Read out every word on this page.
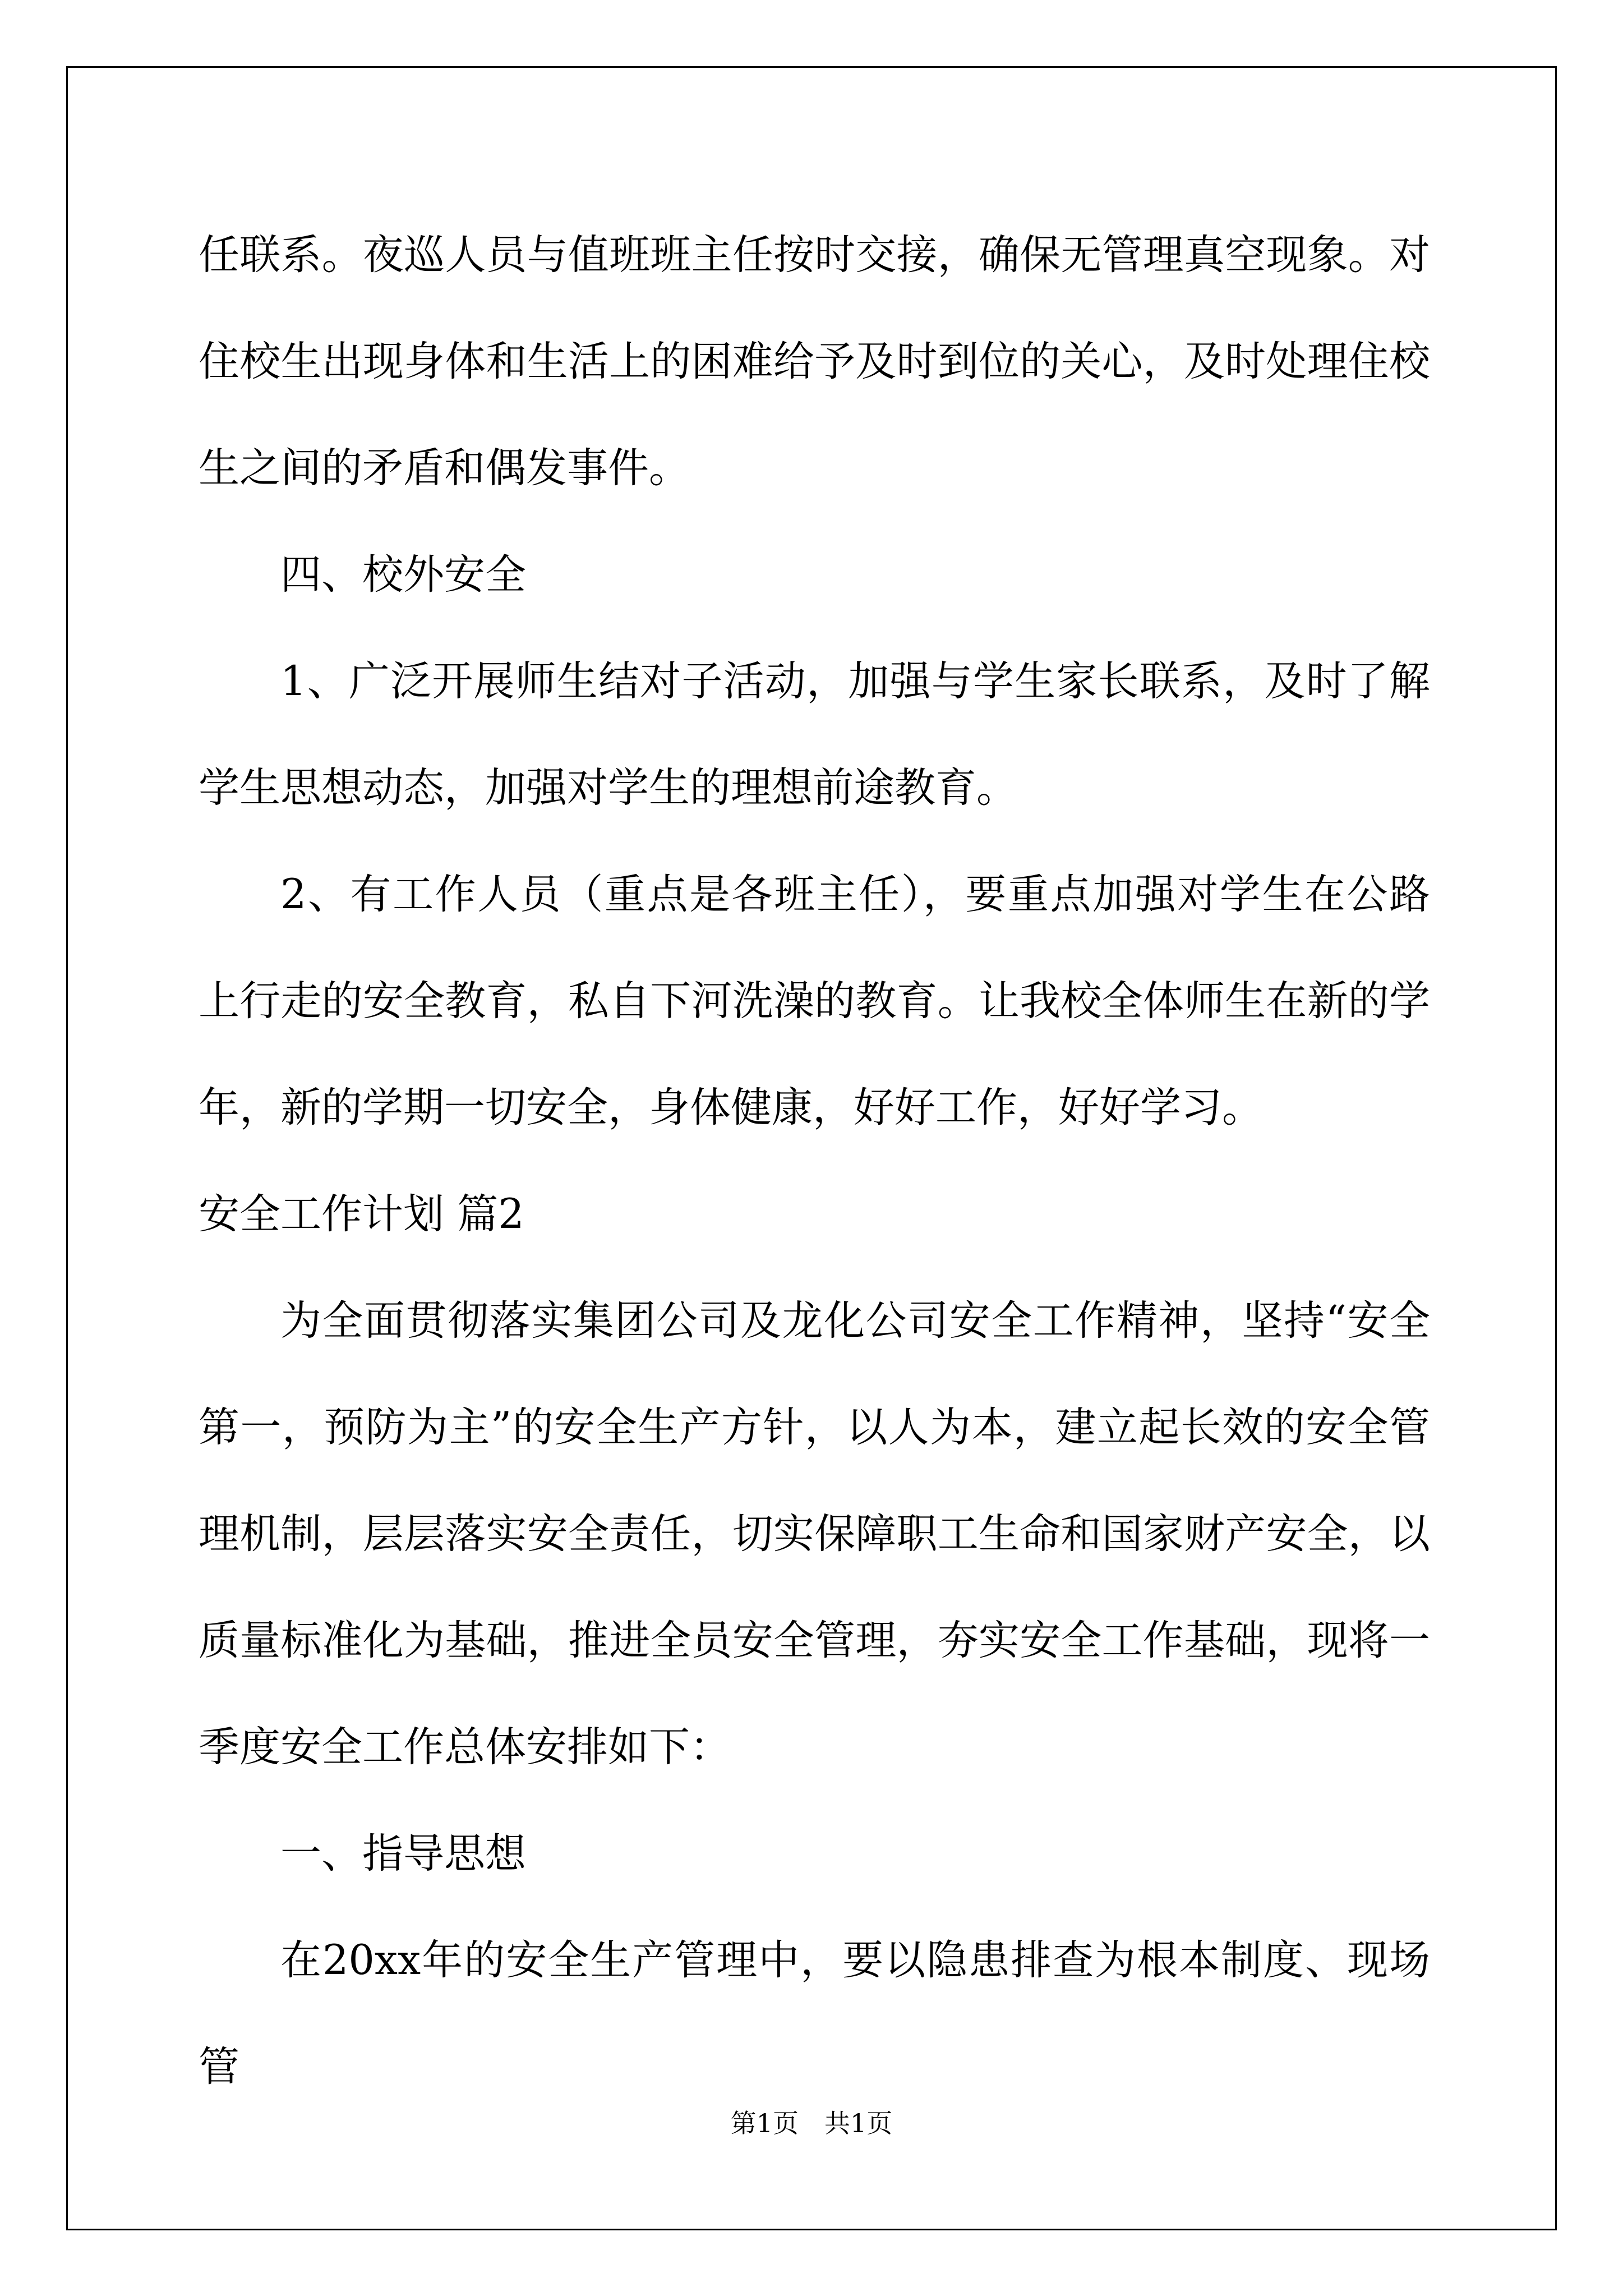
任联系。夜巡人员与值班班主任按时交接，确保无管理真空现象。对住校生出现身体和生活上的困难给予及时到位的关心，及时处理住校生之间的矛盾和偶发事件。

四、校外安全

1、广泛开展师生结对子活动，加强与学生家长联系，及时了解学生思想动态，加强对学生的理想前途教育。

2、有工作人员（重点是各班主任），要重点加强对学生在公路上行走的安全教育，私自下河洗澡的教育。让我校全体师生在新的学年，新的学期一切安全，身体健康，好好工作，好好学习。

安全工作计划 篇2

为全面贯彻落实集团公司及龙化公司安全工作精神，坚持“安全第一，预防为主”的安全生产方针，以人为本，建立起长效的安全管理机制，层层落实安全责任，切实保障职工生命和国家财产安全，以质量标准化为基础，推进全员安全管理，夯实安全工作基础，现将一季度安全工作总体安排如下：

一、指导思想

在20xx年的安全生产管理中，要以隐患排查为根本制度、现场管

第1页　共1页
